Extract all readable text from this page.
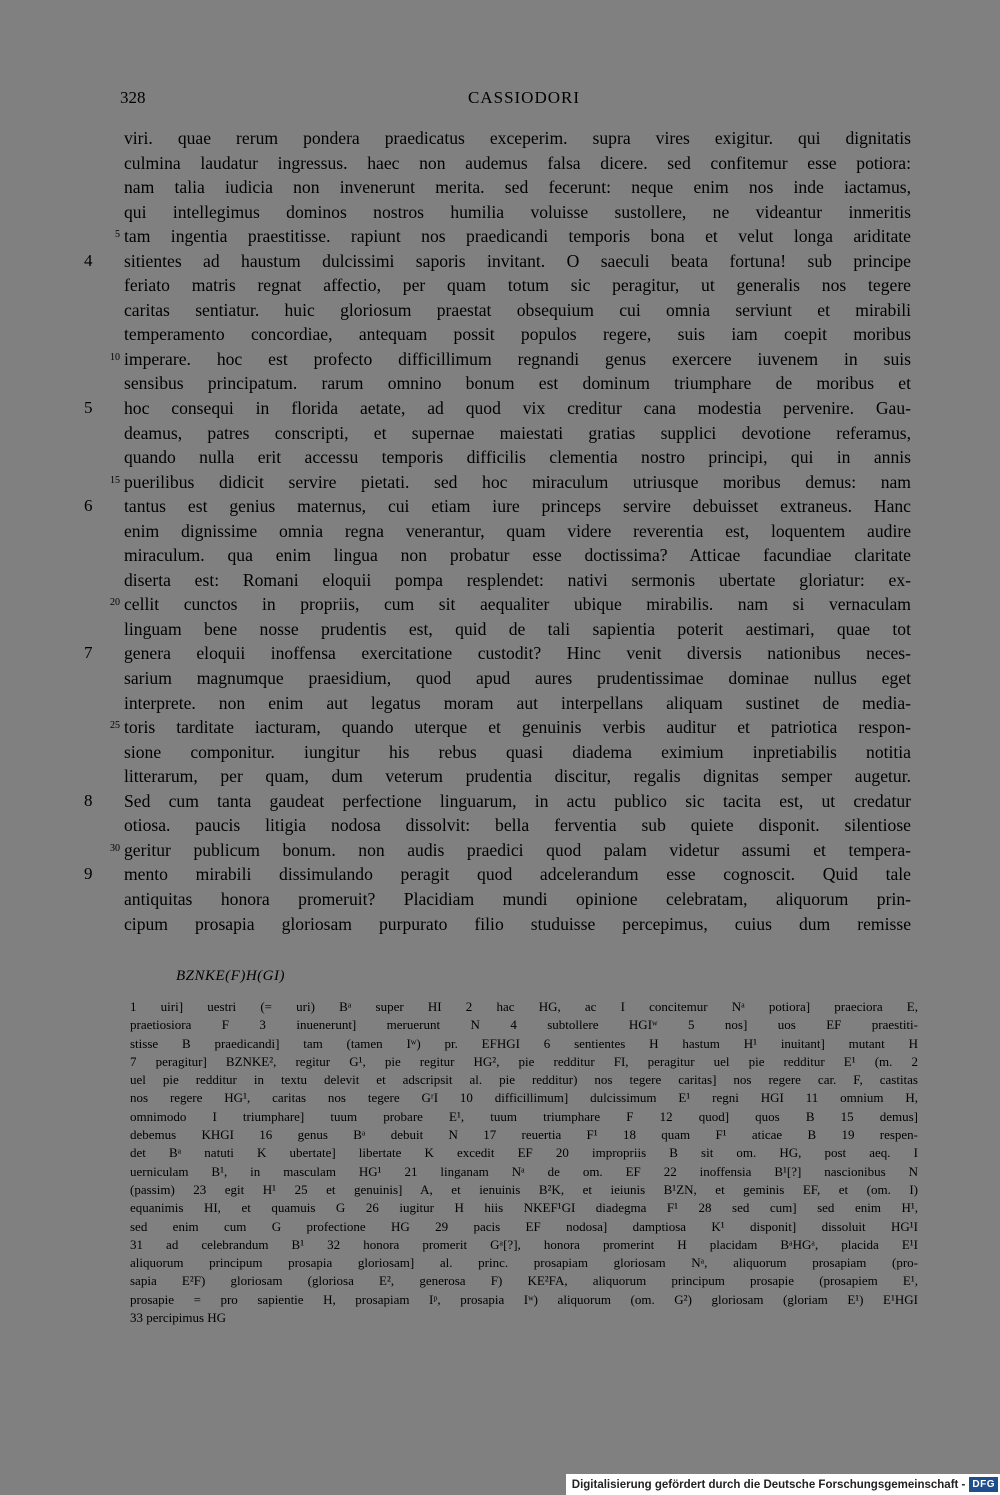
328	CASSIODORI
viri. quae rerum pondera praedicatus exceperim. supra vires exigitur. qui dignitatis
culmina laudatur ingressus. haec non audemus falsa dicere. sed confitemur esse potiora:
nam talia iudicia non invenerunt merita. sed fecerunt: neque enim nos inde iactamus,
qui intellegimus dominos nostros humilia voluisse sustollere, ne videantur inmeritis
5 tam ingentia praestitisse. rapiunt nos praedicandi temporis bona et velut longa ariditate
4 sitientes ad haustum dulcissimi saporis invitant. O saeculi beata fortuna! sub principe
feriato matris regnat affectio, per quam totum sic peragitur, ut generalis nos tegere
caritas sentiatur. huic gloriosum praestat obsequium cui omnia serviunt et mirabili
temperamento concordiae, antequam possit populos regere, suis iam coepit moribus
10 imperare. hoc est profecto difficillimum regnandi genus exercere iuvenem in suis
sensibus principatum. rarum omnino bonum est dominum triumphare de moribus et
5 hoc consequi in florida aetate, ad quod vix creditur cana modestia pervenire. Gau-
deamus, patres conscripti, et supernae maiestati gratias supplici devotione referamus,
quando nulla erit accessu temporis difficilis clementia nostro principi, qui in annis
15 puerilibus didicit servire pietati. sed hoc miraculum utriusque moribus demus: nam
6 tantus est genius maternus, cui etiam iure princeps servire debuisset extraneus. Hanc
enim dignissime omnia regna venerantur, quam videre reverentia est, loquentem audire
miraculum. qua enim lingua non probatur esse doctissima? Atticae facundiae claritate
diserta est: Romani eloquii pompa resplendet: nativi sermonis ubertate gloriatur: ex-
20 cellit cunctos in propriis, cum sit aequaliter ubique mirabilis. nam si vernaculam
linguam bene nosse prudentis est, quid de tali sapientia poterit aestimari, quae tot
7 genera eloquii inoffensa exercitatione custodit? Hinc venit diversis nationibus neces-
sarium magnumque praesidium, quod apud aures prudentissimae dominae nullus eget
interprete. non enim aut legatus moram aut interpellans aliquam sustinet de media-
25 toris tarditate iacturam, quando uterque et genuinis verbis auditur et patriotica respon-
sione componitur. iungitur his rebus quasi diadema eximium inpretiabilis notitia
litterarum, per quam, dum veterum prudentia discitur, regalis dignitas semper augetur.
8 Sed cum tanta gaudeat perfectione linguarum, in actu publico sic tacita est, ut credatur
otiosa. paucis litigia nodosa dissolvit: bella ferventia sub quiete disponit. silentiose
30 geritur publicum bonum. non audis praedici quod palam videtur assumi et tempera-
9 mento mirabili dissimulando peragit quod adcelerandum esse cognoscit. Quid tale
antiquitas honora promeruit? Placidiam mundi opinione celebratam, aliquorum prin-
cipum prosapia gloriosam purpurato filio studuisse percepimus, cuius dum remisse
BZNKE(F)H(GI)
1 uiri] uestri (= uri) Bᵃ super HI 2 hac HG, ac I concitemur Nᵃ potiora] praeciora E,
praetiosiora F 3 inuenerunt] meruerunt N 4 subtollere HGIʷ 5 nos] uos EF praestiti-
stisse B praedicandi] tam (tamen Iʷ) pr. EFHGI 6 sentientes H hastum H¹ inuitant] mutant H
7 peragitur] BZNKE², regitur G¹, pie regitur HG², pie redditur FI, peragitur uel pie redditur E¹ (m. 2
uel pie redditur in textu delevit et adscripsit al. pie redditur) nos tegere caritas] nos regere car. F, castitas
nos regere HG¹, caritas nos tegere GʳI 10 difficillimum] dulcissimum E¹ regni HGI 11 omnium H,
omnimodo I triumphare] tuum probare E¹, tuum triumphare F 12 quod] quos B 15 demus]
debemus KHGI 16 genus Bᵃ debuit N 17 reuertia F¹ 18 quam F¹ aticae B 19 respen-
det Bᵃ natuti K ubertate] libertate K excedit EF 20 impropriis B sit om. HG, post aeq. I
uerniculam B¹, in masculam HG¹ 21 linganam Nᵃ de om. EF 22 inoffensia B¹[?] nascionibus N
(passim) 23 egit H¹ 25 et genuinis] A, et ienuinis B²K, et ieiunis B¹ZN, et geminis EF, et (om. I)
equanimis HI, et quamuis G 26 iugitur H hiis NKEF¹GI diadegma F¹ 28 sed cum] sed enim H¹,
sed enim cum G profectione HG 29 pacis EF nodosa] damptiosa K¹ disponit] dissoluit HG¹I
31 ad celebrandum B¹ 32 honora promerit Gᵃ[?], honora promerint H placidam BᵃHGᵃ, placida E¹I
aliquorum principum prosapia gloriosam] al. princ. prosapiam gloriosam Nᵃ, aliquorum prosapiam (pro-
sapia E²F) gloriosam (gloriosa E², generosa F) KE²FA, aliquorum principum prosapie (prosapiem E¹,
prosapie = pro sapientie H, prosapiam Iᵖ, prosapia Iʷ) aliquorum (om. G²) gloriosam (gloriam E¹) E¹HGI
33 percipimus HG
Digitalisierung gefördert durch die Deutsche Forschungsgemeinschaft - DFG
